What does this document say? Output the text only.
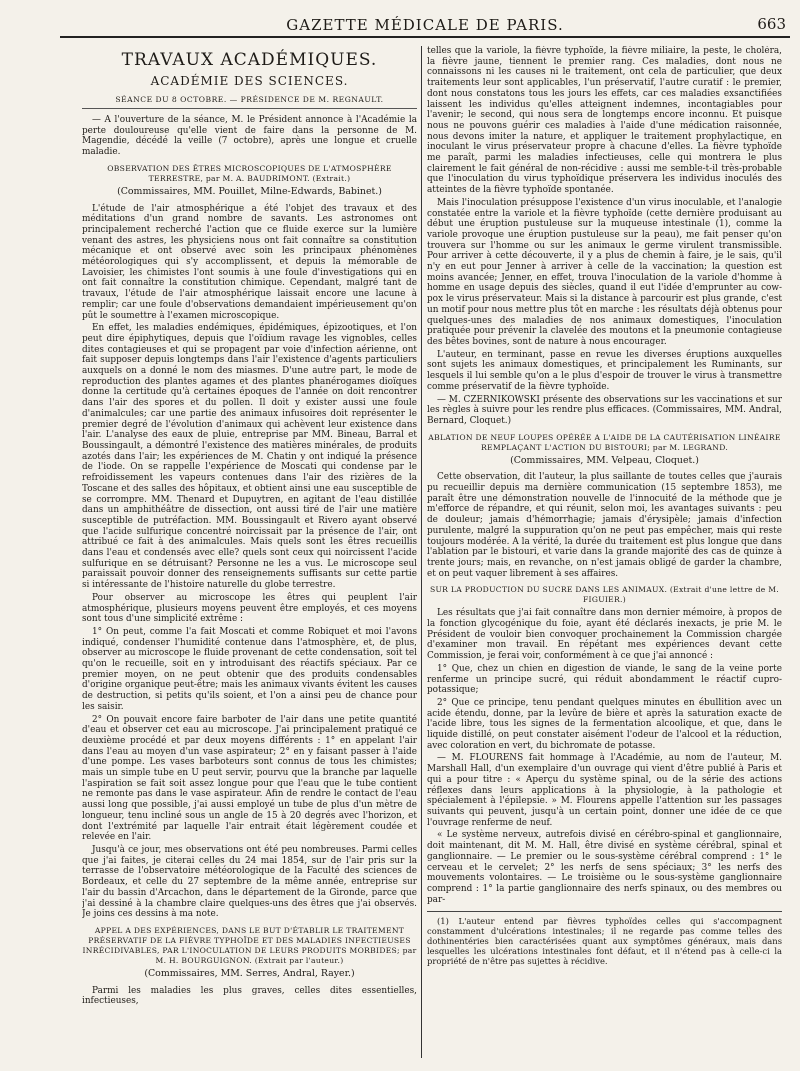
GAZETTE MÉDICALE DE PARIS.	663
TRAVAUX ACADÉMIQUES.
ACADÉMIE DES SCIENCES.
SÉANCE DU 8 OCTOBRE. — PRÉSIDENCE DE M. REGNAULT.

— A l'ouverture de la séance, M. le Président annonce à l'Académie la perte douloureuse qu'elle vient de faire dans la personne de M. Magendie, décédé la veille (7 octobre), après une longue et cruelle maladie.

OBSERVATION DES ÊTRES MICROSCOPIQUES DE L'ATMOSPHÈRE TERRESTRE, par M. A. BAUDRIMONT. (Extrait.)
(Commissaires, MM. Pouillet, Milne-Edwards, Babinet.)

L'étude de l'air atmosphérique a été l'objet des travaux et des méditations d'un grand nombre de savants. Les astronomes ont principalement recherché l'action que ce fluide exerce sur la lumière venant des astres, les physiciens nous ont fait connaître sa constitution mécanique et ont observé avec soin les principaux phénomènes météorologiques qui s'y accomplissent, et depuis la mémorable de Lavoisier, les chimistes l'ont soumis à une foule d'investigations qui en ont fait connaître la constitution chimique. Cependant, malgré tant de travaux, l'étude de l'air atmosphérique laissait encore une lacune à remplir; car une foule d'observations demandaient impérieusement qu'on pût le soumettre à l'examen microscopique.

En effet, les maladies endémiques, épidémiques, épizootiques, et l'on peut dire épiphytiques, depuis que l'oïdium ravage les vignobles, celles dites contagieuses et qui se propagent par voie d'infection aérienne, ont fait supposer depuis longtemps dans l'air l'existence d'agents particuliers auxquels on a donné le nom des miasmes. D'une autre part, le mode de reproduction des plantes agames et des plantes phanérogames dioïques donne la certitude qu'à certaines époques de l'année on doit rencontrer dans l'air des spores et du pollen. Il doit y exister aussi une foule d'animalcules; car une partie des animaux infusoires doit représenter le premier degré de l'évolution d'animaux qui achèvent leur existence dans l'air. L'analyse des eaux de pluie, entreprise par MM. Bineau, Barral et Boussingault, a démontré l'existence des matières minérales, de produits azotés dans l'air; les expériences de M. Chatin y ont indiqué la présence de l'iode. On se rappelle l'expérience de Moscati qui condense par le refroidissement les vapeurs contenues dans l'air des rizières de la Toscane et des salles des hôpitaux, et obtient ainsi une eau susceptible de se corrompre. MM. Thenard et Dupuytren, en agitant de l'eau distillée dans un amphithéâtre de dissection, ont aussi tiré de l'air une matière susceptible de putréfaction. MM. Boussingault et Rivero ayant observé que l'acide sulfurique concentré noircissait par la présence de l'air, ont attribué ce fait à des animalcules. Mais quels sont les êtres recueillis dans l'eau et condensés avec elle? quels sont ceux qui noircissent l'acide sulfurique en se détruisant? Personne ne les a vus. Le microscope seul paraissait pouvoir donner des renseignements suffisants sur cette partie si intéressante de l'histoire naturelle du globe terrestre.

Pour observer au microscope les êtres qui peuplent l'air atmosphérique, plusieurs moyens peuvent être employés, et ces moyens sont tous d'une simplicité extrême :

1° On peut, comme l'a fait Moscati et comme Robiquet et moi l'avons indiqué, condenser l'humidité contenue dans l'atmosphère, et, de plus, observer au microscope le fluide provenant de cette condensation, soit tel qu'on le recueille, soit en y introduisant des réactifs spéciaux. Par ce premier moyen, on ne peut obtenir que des produits condensables d'origine organique peut-être; mais les animaux vivants évitent les causes de destruction, si petits qu'ils soient, et l'on a ainsi peu de chance pour les saisir.

2° On pouvait encore faire barboter de l'air dans une petite quantité d'eau et observer cet eau au microscope. J'ai principalement pratiqué ce deuxième procédé et par deux moyens différents : 1° en appelant l'air dans l'eau au moyen d'un vase aspirateur; 2° en y faisant passer à l'aide d'une pompe. Les vases barboteurs sont connus de tous les chimistes; mais un simple tube en U peut servir, pourvu que la branche par laquelle l'aspiration se fait soit assez longue pour que l'eau que le tube contient ne remonte pas dans le vase aspirateur. Afin de rendre le contact de l'eau aussi long que possible, j'ai aussi employé un tube de plus d'un mètre de longueur, tenu incliné sous un angle de 15 à 20 degrés avec l'horizon, et dont l'extrémité par laquelle l'air entrait était légèrement coudée et relevée en l'air.

Jusqu'à ce jour, mes observations ont été peu nombreuses. Parmi celles que j'ai faites, je citerai celles du 24 mai 1854, sur de l'air pris sur la terrasse de l'observatoire météorologique de la Faculté des sciences de Bordeaux, et celle du 27 septembre de la même année, entreprise sur l'air du bassin d'Arcachon, dans le département de la Gironde, parce que j'ai dessiné à la chambre claire quelques-uns des êtres que j'ai observés. Je joins ces dessins à ma note.

APPEL A DES EXPÉRIENCES, DANS LE BUT D'ÉTABLIR LE TRAITEMENT PRÉSERVATIF DE LA FIÈVRE TYPHOÏDE ET DES MALADIES INFECTIEUSES INRÉCIDIVABLES, PAR L'INOCULATION DE LEURS PRODUITS MORBIDES; par M. H. BOURGUIGNON. (Extrait par l'auteur.)
(Commissaires, MM. Serres, Andral, Rayer.)

Parmi les maladies les plus graves, celles dites essentielles, infectieuses,

telles que la variole, la fièvre typhoïde, la fièvre miliaire, la peste, le choléra, la fièvre jaune, tiennent le premier rang. Ces maladies, dont nous ne connaissons ni les causes ni le traitement, ont cela de particulier, que deux traitements leur sont applicables, l'un préservatif, l'autre curatif : le premier, dont nous constatons tous les jours les effets, car ces maladies exsanctifiées laissent les individus qu'elles atteignent indemnes, incontagiables pour l'avenir; le second, qui nous sera de longtemps encore inconnu. Et puisque nous ne pouvons guérir ces maladies à l'aide d'une médication raisonnée, nous devons imiter la nature, et appliquer le traitement prophylactique, en inoculant le virus préservateur propre à chacune d'elles. La fièvre typhoïde me paraît, parmi les maladies infectieuses, celle qui montrera le plus clairement le fait général de non-récidive : aussi me semble-t-il très-probable que l'inoculation du virus typhoïdique préservera les individus inoculés des atteintes de la fièvre typhoïde spontanée.

Mais l'inoculation présuppose l'existence d'un virus inoculable, et l'analogie constatée entre la variole et la fièvre typhoïde (cette dernière produisant au début une éruption pustuleuse sur la muqueuse intestinale (1), comme la variole provoque une éruption pustuleuse sur la peau), me fait penser qu'on trouvera sur l'homme ou sur les animaux le germe virulent transmissible. Pour arriver à cette découverte, il y a plus de chemin à faire, je le sais, qu'il n'y en eut pour Jenner à arriver à celle de la vaccination; la question est moins avancée; Jenner, en effet, trouva l'inoculation de la variole d'homme à homme en usage depuis des siècles, quand il eut l'idée d'emprunter au cow-pox le virus préservateur. Mais si la distance à parcourir est plus grande, c'est un motif pour nous mettre plus tôt en marche : les résultats déjà obtenus pour quelques-unes des maladies de nos animaux domestiques, l'inoculation pratiquée pour prévenir la clavelée des moutons et la pneumonie contagieuse des bêtes bovines, sont de nature à nous encourager.

L'auteur, en terminant, passe en revue les diverses éruptions auxquelles sont sujets les animaux domestiques, et principalement les Ruminants, sur lesquels il lui semble qu'on a le plus d'espoir de trouver le virus à transmettre comme préservatif de la fièvre typhoïde.

— M. CZERNIKOWSKI présente des observations sur les vaccinations et sur les règles à suivre pour les rendre plus efficaces. (Commissaires, MM. Andral, Bernard, Cloquet.)

ABLATION DE NEUF LOUPES OPÉRÉE A L'AIDE DE LA CAUTÉRISATION LINÉAIRE REMPLAÇANT L'ACTION DU BISTOURI; par M. LEGRAND.
(Commissaires, MM. Velpeau, Cloquet.)

Cette observation, dit l'auteur, la plus saillante de toutes celles que j'aurais pu recueillir depuis ma dernière communication (15 septembre 1853), me paraît être une démonstration nouvelle de l'innocuité de la méthode que je m'efforce de répandre, et qui réunit, selon moi, les avantages suivants : peu de douleur; jamais d'hémorrhagie; jamais d'érysipèle; jamais d'infection purulente, malgré la suppuration qu'on ne peut pas empêcher, mais qui reste toujours modérée. A la vérité, la durée du traitement est plus longue que dans l'ablation par le bistouri, et varie dans la grande majorité des cas de quinze à trente jours; mais, en revanche, on n'est jamais obligé de garder la chambre, et on peut vaquer librement à ses affaires.

SUR LA PRODUCTION DU SUCRE DANS LES ANIMAUX. (Extrait d'une lettre de M. FIGUIER.)

Les résultats que j'ai fait connaître dans mon dernier mémoire, à propos de la fonction glycogénique du foie, ayant été déclarés inexacts, je prie M. le Président de vouloir bien convoquer prochainement la Commission chargée d'examiner mon travail. En répétant mes expériences devant cette Commission, je ferai voir, conformément à ce que j'ai annoncé :

1° Que, chez un chien en digestion de viande, le sang de la veine porte renferme un principe sucré, qui réduit abondamment le réactif cupro-potassique;

2° Que ce principe, tenu pendant quelques minutes en ébullition avec un acide étendu, donne, par la levûre de bière et après la saturation exacte de l'acide libre, tous les signes de la fermentation alcoolique, et que, dans le liquide distillé, on peut constater aisément l'odeur de l'alcool et la réduction, avec coloration en vert, du bichromate de potasse.

— M. FLOURENS fait hommage à l'Académie, au nom de l'auteur, M. Marshall Hall, d'un exemplaire d'un ouvrage qui vient d'être publié à Paris et qui a pour titre : « Aperçu du système spinal, ou de la série des actions réflexes dans leurs applications à la physiologie, à la pathologie et spécialement à l'épilepsie. » M. Flourens appelle l'attention sur les passages suivants qui peuvent, jusqu'à un certain point, donner une idée de ce que l'ouvrage renferme de neuf.

« Le système nerveux, autrefois divisé en cérébro-spinal et ganglionnaire, doit maintenant, dit M. M. Hall, être divisé en système cérébral, spinal et ganglionnaire. — Le premier ou le sous-système cérébral comprend : 1° le cerveau et le cervelet; 2° les nerfs de sens spéciaux; 3° les nerfs des mouvements volontaires. — Le troisième ou le sous-système ganglionnaire comprend : 1° la partie ganglionnaire des nerfs spinaux, ou des membres ou par-

(1) L'auteur entend par fièvres typhoïdes celles qui s'accompagnent constamment d'ulcérations intestinales; il ne regarde pas comme telles des dothinentéries bien caractérisées quant aux symptômes généraux, mais dans lesquelles les ulcérations intestinales font défaut, et il n'étend pas à celle-ci la propriété de n'être pas sujettes à récidive.
